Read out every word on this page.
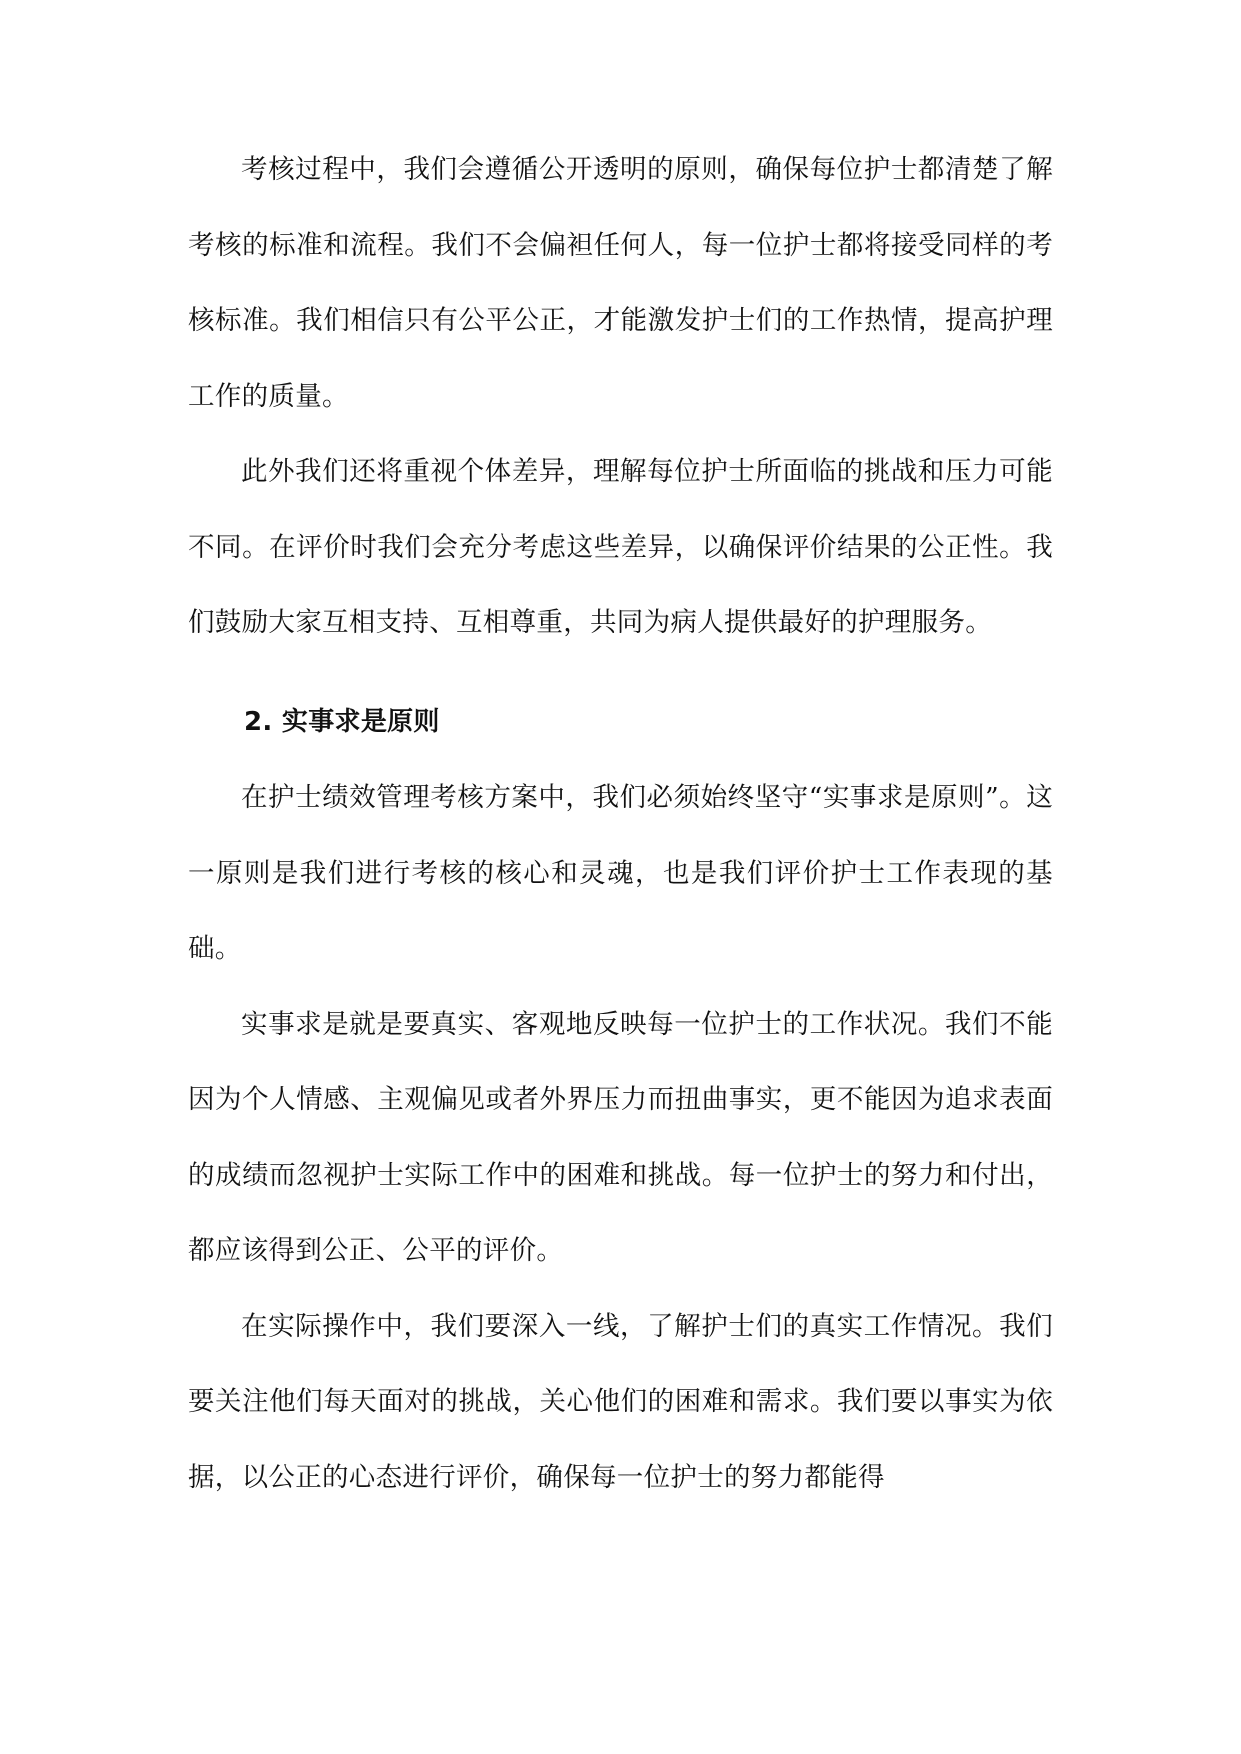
考核过程中，我们会遵循公开透明的原则，确保每位护士都清楚了解考核的标准和流程。我们不会偏袒任何人，每一位护士都将接受同样的考核标准。我们相信只有公平公正，才能激发护士们的工作热情，提高护理工作的质量。

此外我们还将重视个体差异，理解每位护士所面临的挑战和压力可能不同。在评价时我们会充分考虑这些差异，以确保评价结果的公正性。我们鼓励大家互相支持、互相尊重，共同为病人提供最好的护理服务。

2. 实事求是原则

在护士绩效管理考核方案中，我们必须始终坚守“实事求是原则”。这一原则是我们进行考核的核心和灵魂，也是我们评价护士工作表现的基础。

实事求是就是要真实、客观地反映每一位护士的工作状况。我们不能因为个人情感、主观偏见或者外界压力而扭曲事实，更不能因为追求表面的成绩而忽视护士实际工作中的困难和挑战。每一位护士的努力和付出，都应该得到公正、公平的评价。

在实际操作中，我们要深入一线，了解护士们的真实工作情况。我们要关注他们每天面对的挑战，关心他们的困难和需求。我们要以事实为依据，以公正的心态进行评价，确保每一位护士的努力都能得
